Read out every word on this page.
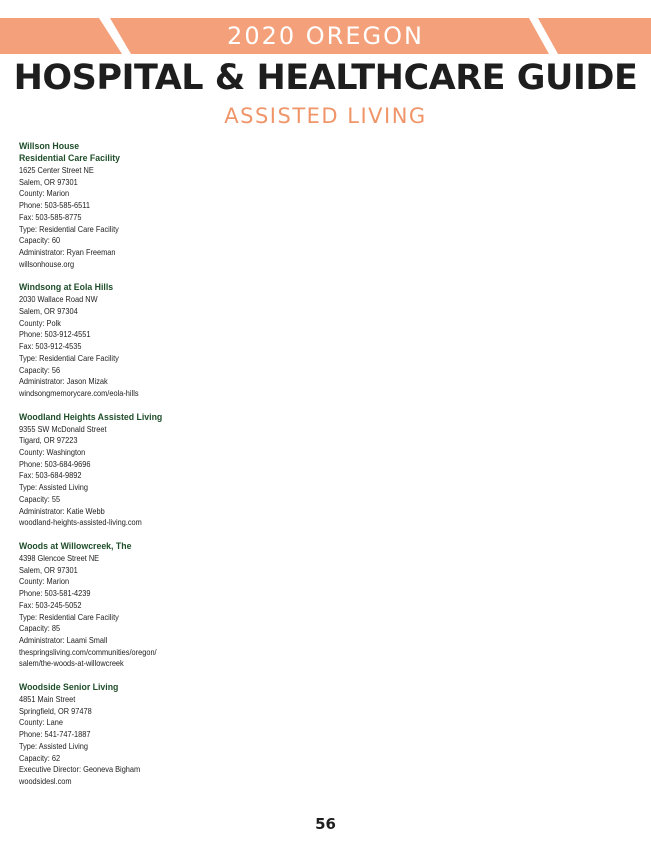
2020 OREGON
HOSPITAL & HEALTHCARE GUIDE
ASSISTED LIVING
Willson House
Residential Care Facility
1625 Center Street NE
Salem, OR 97301
County: Marion
Phone: 503-585-6511
Fax: 503-585-8775
Type: Residential Care Facility
Capacity: 60
Administrator: Ryan Freeman
willsonhouse.org
Windsong at Eola Hills
2030 Wallace Road NW
Salem, OR 97304
County: Polk
Phone: 503-912-4551
Fax: 503-912-4535
Type: Residential Care Facility
Capacity: 56
Administrator: Jason Mizak
windsongmemorycare.com/eola-hills
Woodland Heights Assisted Living
9355 SW McDonald Street
Tigard, OR 97223
County: Washington
Phone: 503-684-9696
Fax: 503-684-9892
Type: Assisted Living
Capacity: 55
Administrator: Katie Webb
woodland-heights-assisted-living.com
Woods at Willowcreek, The
4398 Glencoe Street NE
Salem, OR 97301
County: Marion
Phone: 503-581-4239
Fax: 503-245-5052
Type: Residential Care Facility
Capacity: 85
Administrator: Laami Small
thespringsliving.com/communities/oregon/
salem/the-woods-at-willowcreek
Woodside Senior Living
4851 Main Street
Springfield, OR 97478
County: Lane
Phone: 541-747-1887
Type: Assisted Living
Capacity: 62
Executive Director: Geoneva Bigham
woodsidesl.com
56
